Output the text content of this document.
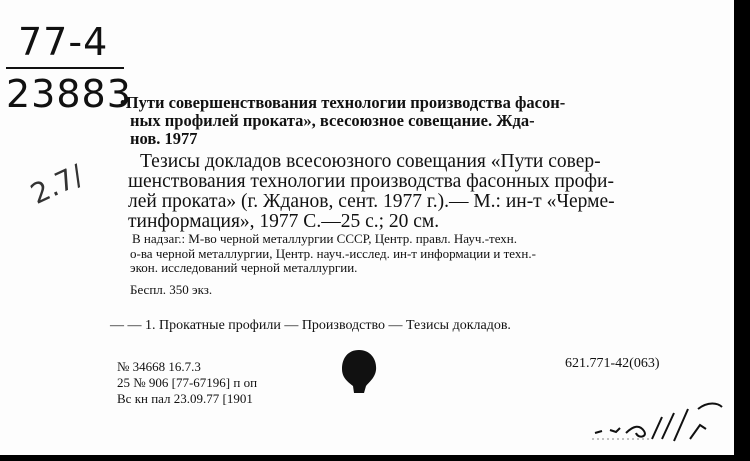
77-4
23883
2.7/
•Пути совершенствования технологии производства фасон-
ных профилей проката», всесоюзное совещание. Жда-
нов. 1977
Тезисы докладов всесоюзного совещания «Пути совер-
шенствования технологии производства фасонных профи-
лей проката» (г. Жданов, сент. 1977 г.).— М.: ин-т «Черме-
тинформация», 1977 С.—25 с.; 20 см.
В надзаг.: М-во черной металлургии СССР, Центр. правл. Науч.-техн.
о-ва черной металлургии, Центр. науч.-исслед. ин-т информации и техн.-
экон. исследований черной металлургии.
Беспл. 350 экз.
— — 1. Прокатные профили — Производство — Тезисы докладов.
№ 34668 16.7.3
25 № 906 [77-67196] п оп
Вс кн пал 23.09.77 [1901
621.771-42(063)
